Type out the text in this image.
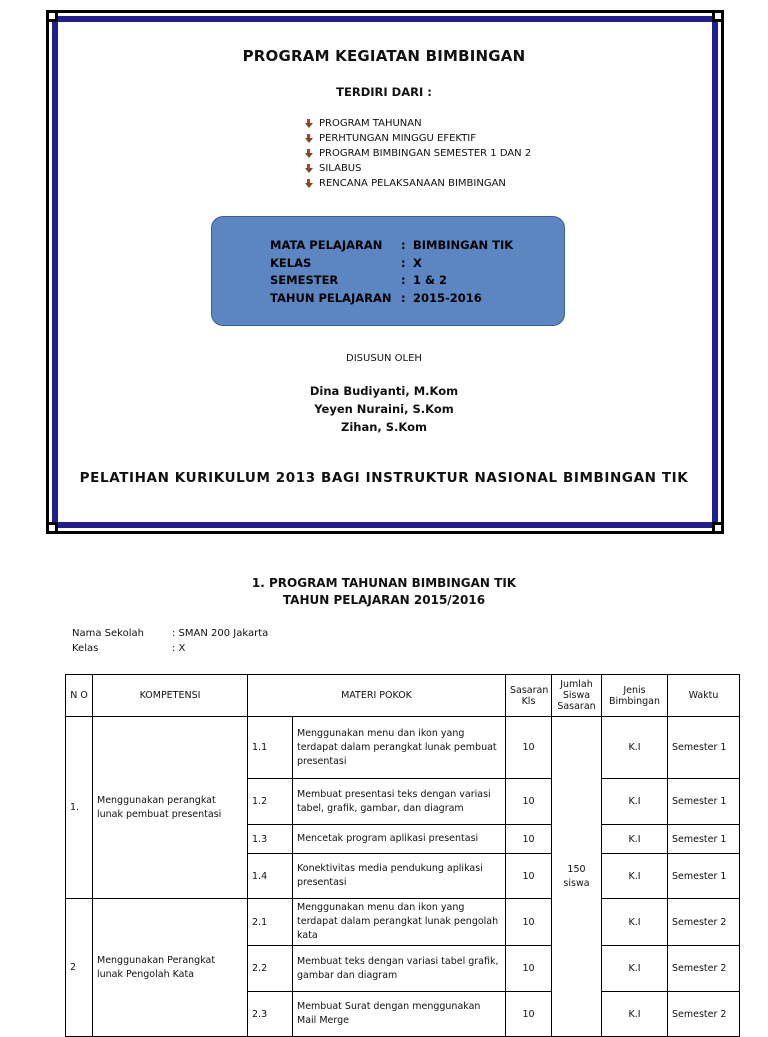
PROGRAM KEGIATAN BIMBINGAN
TERDIRI DARI :
PROGRAM TAHUNAN
PERHTUNGAN MINGGU EFEKTIF
PROGRAM BIMBINGAN SEMESTER 1 DAN 2
SILABUS
RENCANA PELAKSANAAN BIMBINGAN
MATA PELAJARAN : BIMBINGAN TIK
KELAS	: X
SEMESTER	: 1 & 2
TAHUN PELAJARAN : 2015-2016
DISUSUN OLEH
Dina Budiyanti, M.Kom
Yeyen Nuraini, S.Kom
Zihan, S.Kom
PELATIHAN KURIKULUM 2013 BAGI INSTRUKTUR NASIONAL BIMBINGAN TIK
1. PROGRAM TAHUNAN BIMBINGAN TIK
TAHUN PELAJARAN 2015/2016
Nama Sekolah	: SMAN 200 Jakarta
Kelas	: X
N O	KOMPETENSI	MATERI POKOK		Sasaran Kls	Jumlah Siswa Sasaran	Jenis Bimbingan	Waktu
1.	Menggunakan perangkat lunak pembuat presentasi	1.1	Menggunakan menu dan ikon yang terdapat dalam perangkat lunak pembuat presentasi	10	150 siswa	K.I	Semester 1
		1.2	Membuat presentasi teks dengan variasi tabel, grafik, gambar, dan diagram	10		K.I	Semester 1
		1.3	Mencetak program aplikasi presentasi	10		K.I	Semester 1
		1.4	Konektivitas media pendukung aplikasi presentasi	10		K.I	Semester 1
2	Menggunakan Perangkat lunak Pengolah Kata	2.1	Menggunakan menu dan ikon yang terdapat dalam perangkat lunak pengolah kata	10		K.I	Semester 2
		2.2	Membuat teks dengan variasi tabel grafik, gambar dan diagram	10		K.I	Semester 2
		2.3	Membuat Surat dengan menggunakan Mail Merge	10		K.I	Semester 2
